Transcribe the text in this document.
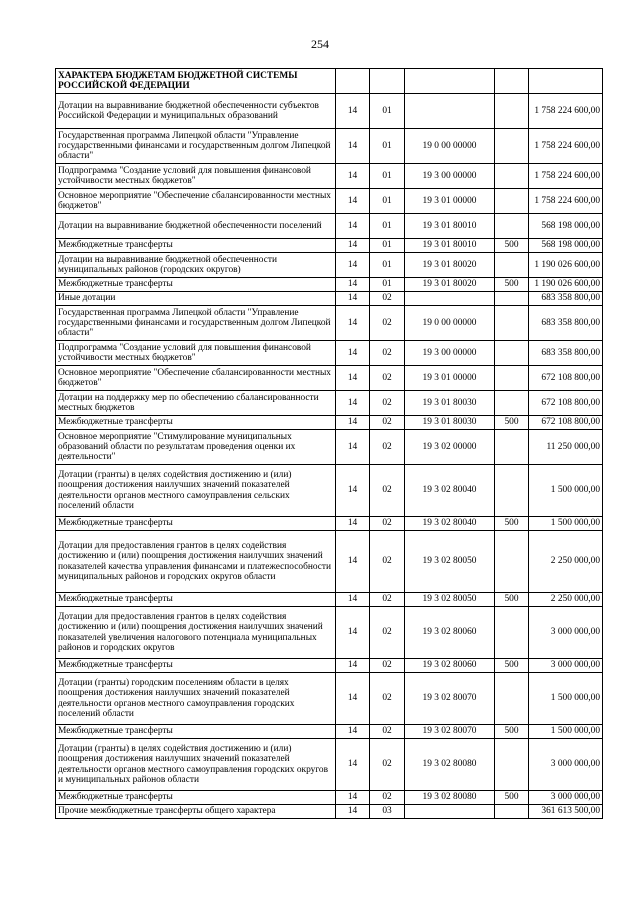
254
ХАРАКТЕРА БЮДЖЕТАМ БЮДЖЕТНОЙ СИСТЕМЫ РОССИЙСКОЙ ФЕДЕРАЦИИ					
Дотации на выравнивание бюджетной обеспеченности субъектов Российской Федерации и муниципальных образований	14	01			1 758 224 600,00
Государственная программа Липецкой области "Управление государственными финансами и государственным долгом Липецкой области"	14	01	19 0 00 00000		1 758 224 600,00
Подпрограмма "Создание условий для повышения финансовой устойчивости местных бюджетов"	14	01	19 3 00 00000		1 758 224 600,00
Основное мероприятие "Обеспечение сбалансированности местных бюджетов"	14	01	19 3 01 00000		1 758 224 600,00
Дотации на выравнивание бюджетной обеспеченности поселений	14	01	19 3 01 80010		568 198 000,00
Межбюджетные трансферты	14	01	19 3 01 80010	500	568 198 000,00
Дотации на выравнивание бюджетной обеспеченности муниципальных районов (городских округов)	14	01	19 3 01 80020		1 190 026 600,00
Межбюджетные трансферты	14	01	19 3 01 80020	500	1 190 026 600,00
Иные дотации	14	02			683 358 800,00
Государственная программа Липецкой области "Управление государственными финансами и государственным долгом Липецкой области"	14	02	19 0 00 00000		683 358 800,00
Подпрограмма "Создание условий для повышения финансовой устойчивости местных бюджетов"	14	02	19 3 00 00000		683 358 800,00
Основное мероприятие "Обеспечение сбалансированности местных бюджетов"	14	02	19 3 01 00000		672 108 800,00
Дотации на поддержку мер по обеспечению сбалансированности местных бюджетов	14	02	19 3 01 80030		672 108 800,00
Межбюджетные трансферты	14	02	19 3 01 80030	500	672 108 800,00
Основное мероприятие "Стимулирование муниципальных образований области по результатам проведения оценки их деятельности"	14	02	19 3 02 00000		11 250 000,00
Дотации (гранты) в целях содействия достижению и (или) поощрения достижения наилучших значений показателей деятельности органов местного самоуправления сельских поселений области	14	02	19 3 02 80040		1 500 000,00
Межбюджетные трансферты	14	02	19 3 02 80040	500	1 500 000,00
Дотации для предоставления грантов в целях содействия достижению и (или) поощрения достижения наилучших значений показателей качества управления финансами и платежеспособности муниципальных районов и городских округов области	14	02	19 3 02 80050		2 250 000,00
Межбюджетные трансферты	14	02	19 3 02 80050	500	2 250 000,00
Дотации для предоставления грантов в целях содействия достижению и (или) поощрения достижения наилучших значений показателей увеличения налогового потенциала муниципальных районов и городских округов	14	02	19 3 02 80060		3 000 000,00
Межбюджетные трансферты	14	02	19 3 02 80060	500	3 000 000,00
Дотации (гранты) городским поселениям области в целях поощрения достижения наилучших значений показателей деятельности органов местного самоуправления городских поселений области	14	02	19 3 02 80070		1 500 000,00
Межбюджетные трансферты	14	02	19 3 02 80070	500	1 500 000,00
Дотации (гранты) в целях содействия достижению и (или) поощрения достижения наилучших значений показателей деятельности органов местного самоуправления городских округов и муниципальных районов области	14	02	19 3 02 80080		3 000 000,00
Межбюджетные трансферты	14	02	19 3 02 80080	500	3 000 000,00
Прочие межбюджетные трансферты общего характера	14	03			361 613 500,00
